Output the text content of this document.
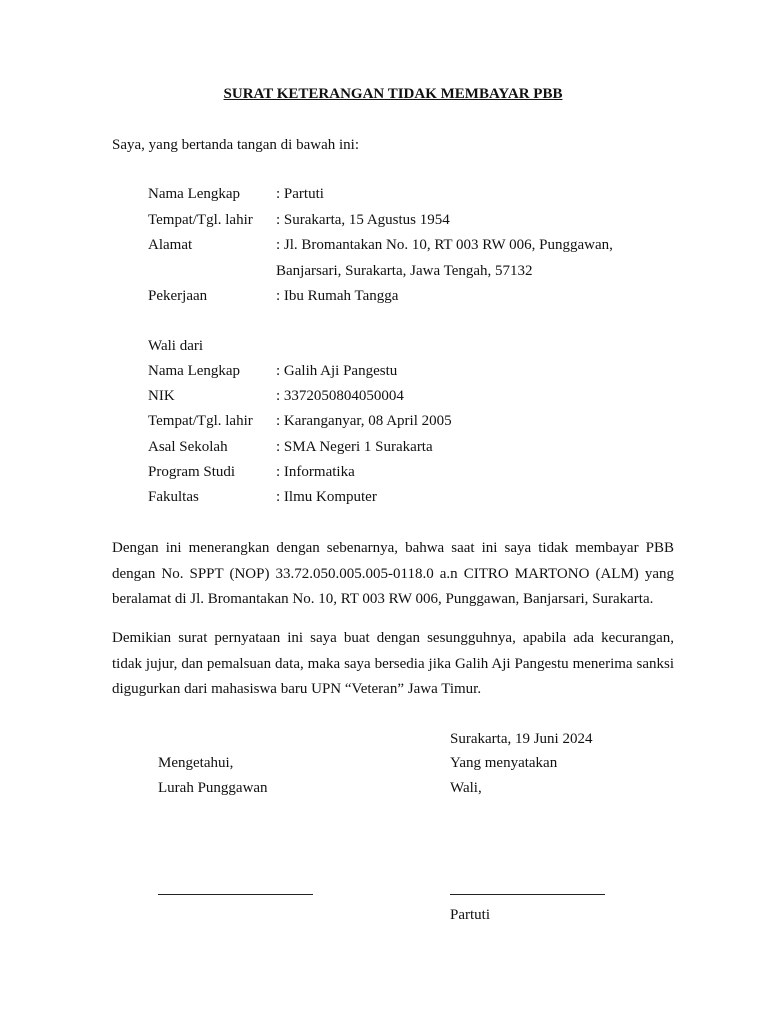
SURAT KETERANGAN TIDAK MEMBAYAR PBB

Saya, yang bertanda tangan di bawah ini:

Nama Lengkap : Partuti
Tempat/Tgl. lahir : Surakarta, 15 Agustus 1954
Alamat	: Jl. Bromantakan No. 10, RT 003 RW 006, Punggawan,
Banjarsari, Surakarta, Jawa Tengah, 57132
Pekerjaan	: Ibu Rumah Tangga
Wali dari
Nama Lengkap : Galih Aji Pangestu
NIK	: 3372050804050004
Tempat/Tgl. lahir : Karanganyar, 08 April 2005
Asal Sekolah	: SMA Negeri 1 Surakarta
Program Studi	: Informatika
Fakultas	: Ilmu Komputer

Dengan ini menerangkan dengan sebenarnya, bahwa saat ini saya tidak membayar PBB dengan No. SPPT (NOP) 33.72.050.005.005-0118.0 a.n CITRO MARTONO (ALM) yang beralamat di Jl. Bromantakan No. 10, RT 003 RW 006, Punggawan, Banjarsari, Surakarta.

Demikian surat pernyataan ini saya buat dengan sesungguhnya, apabila ada kecurangan, tidak jujur, dan pemalsuan data, maka saya bersedia jika Galih Aji Pangestu menerima sanksi digugurkan dari mahasiswa baru UPN “Veteran” Jawa Timur.

Surakarta, 19 Juni 2024
Mengetahui,
Lurah Punggawan
Yang menyatakan
Wali,
Partuti
